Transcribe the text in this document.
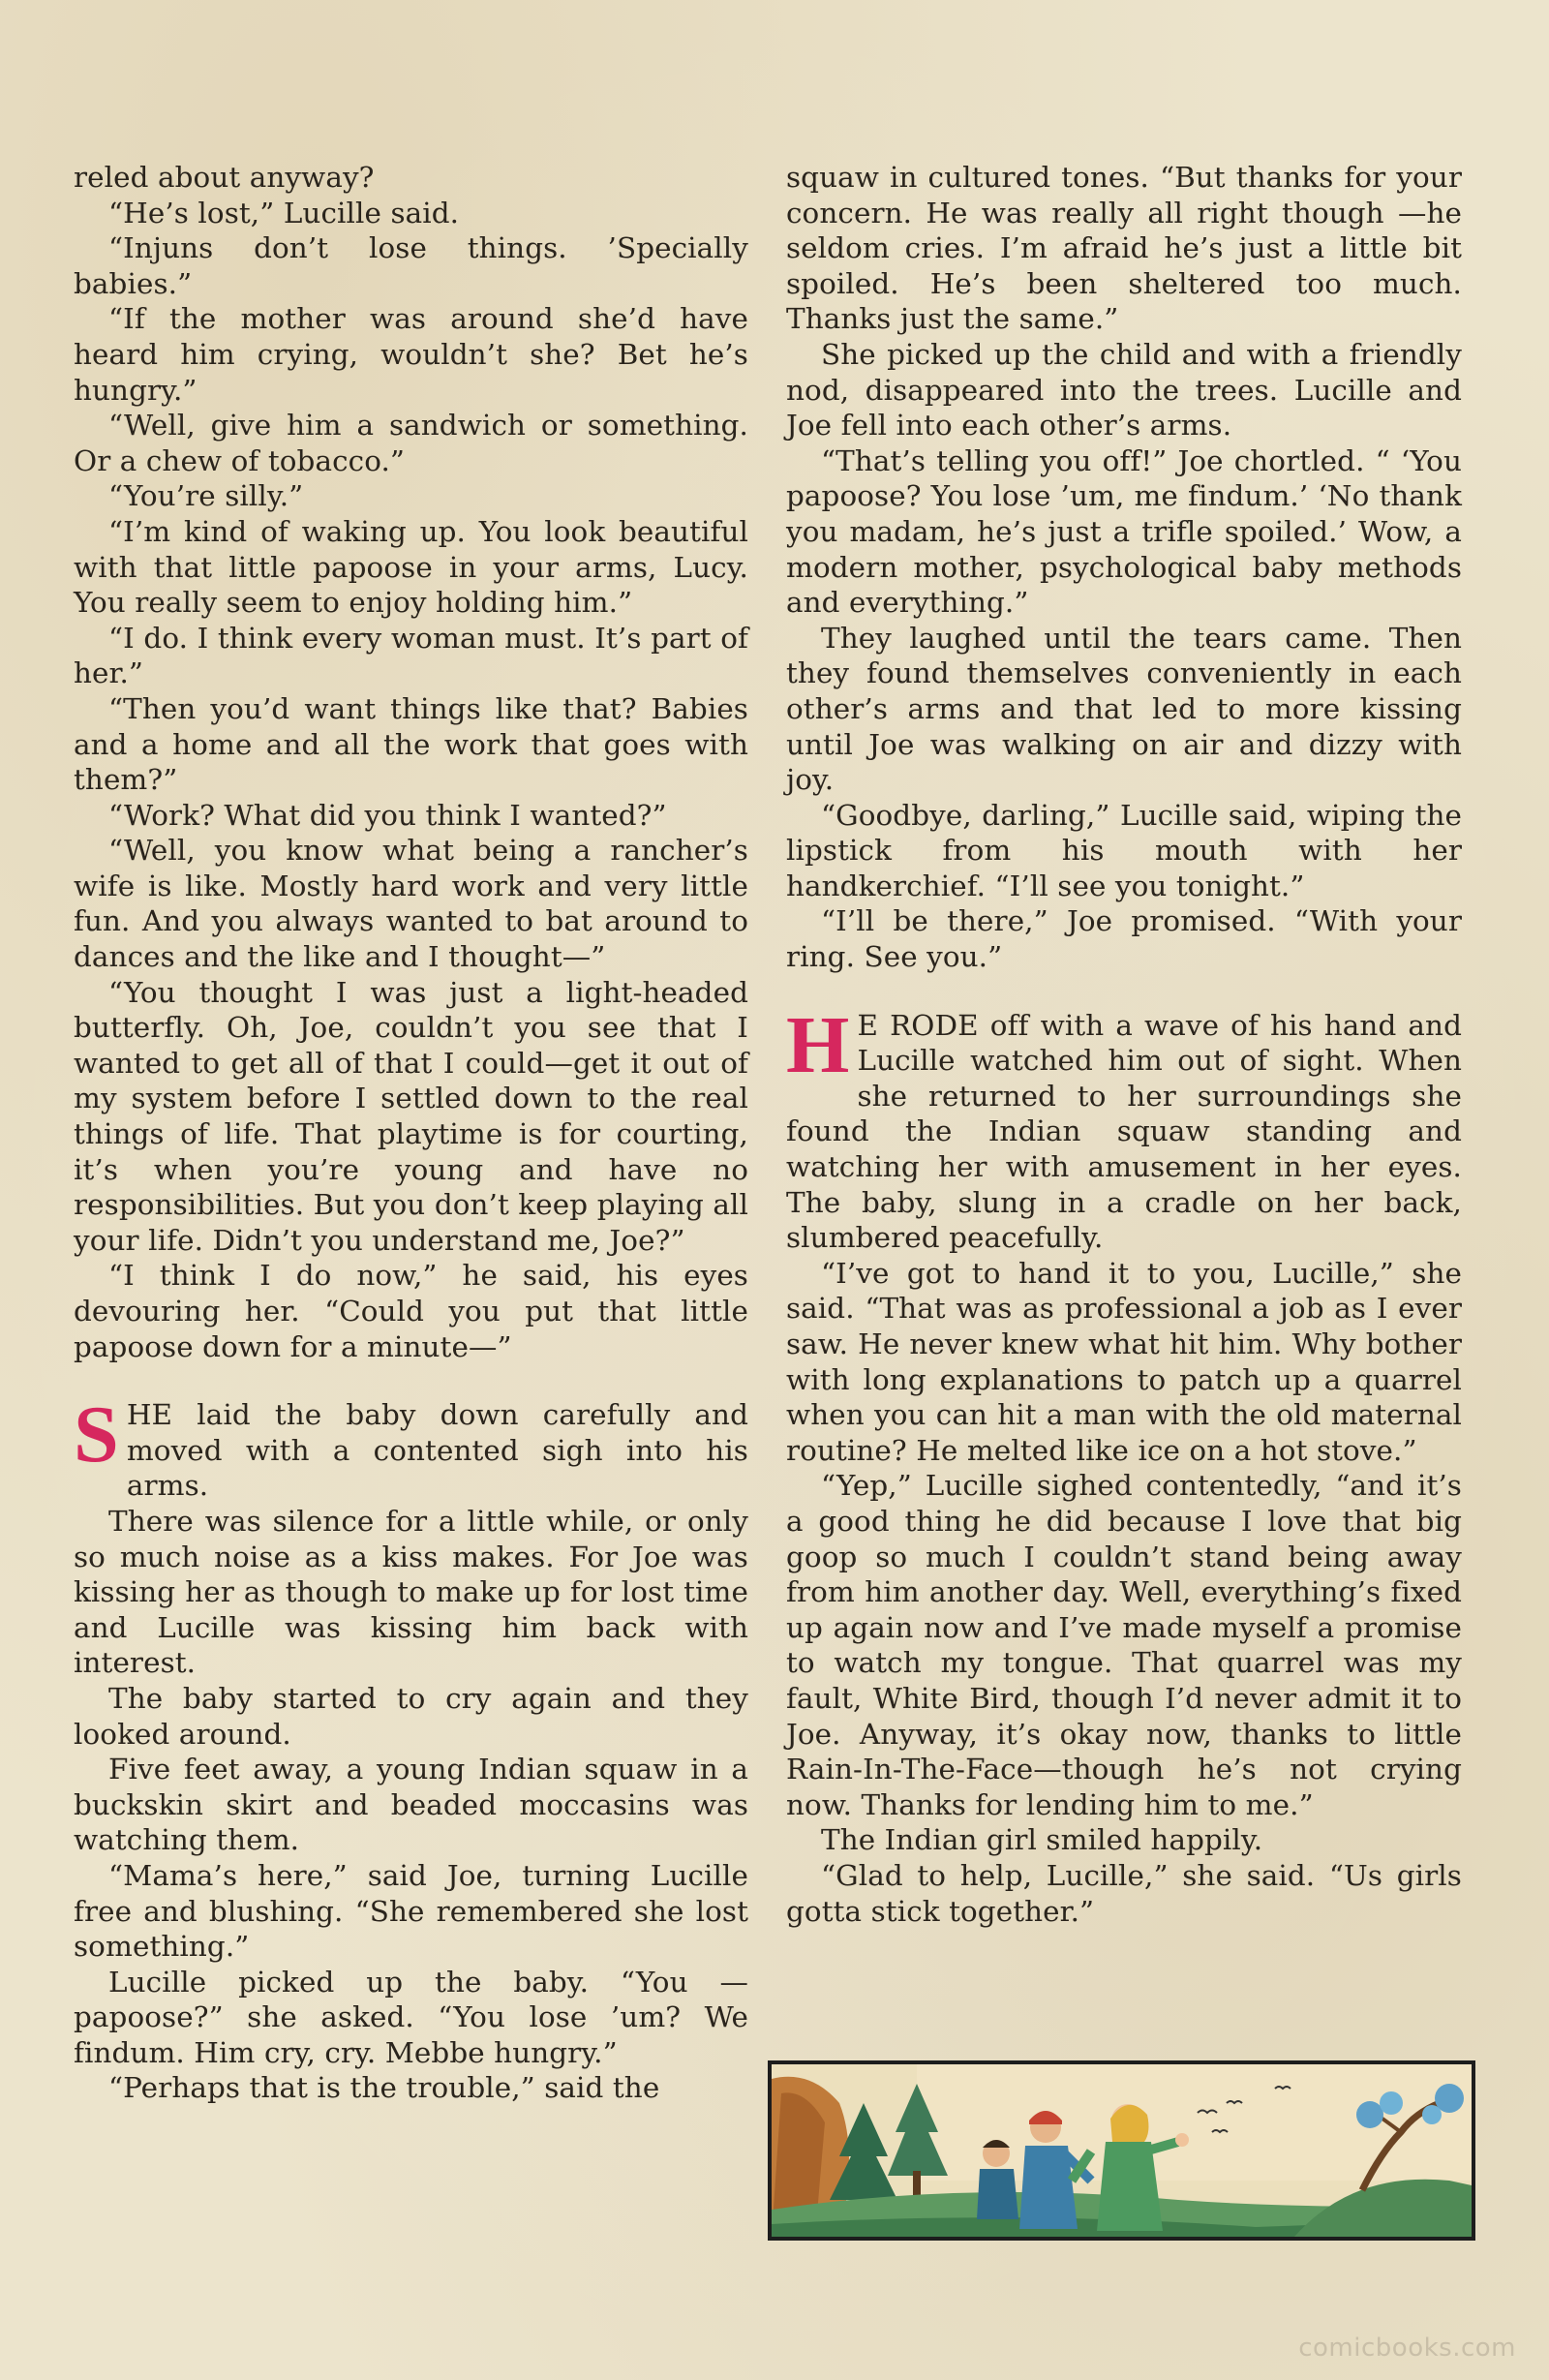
reled about anyway?

“He’s lost,” Lucille said.

“Injuns don’t lose things. ’Specially babies.”

“If the mother was around she’d have heard him crying, wouldn’t she? Bet he’s hungry.”

“Well, give him a sandwich or something. Or a chew of tobacco.”

“You’re silly.”

“I’m kind of waking up. You look beautiful with that little papoose in your arms, Lucy. You really seem to enjoy holding him.”

“I do. I think every woman must. It’s part of her.”

“Then you’d want things like that? Babies and a home and all the work that goes with them?”

“Work? What did you think I wanted?”

“Well, you know what being a rancher’s wife is like. Mostly hard work and very little fun. And you always wanted to bat around to dances and the like and I thought—”

“You thought I was just a light-headed butterfly. Oh, Joe, couldn’t you see that I wanted to get all of that I could—get it out of my system before I settled down to the real things of life. That playtime is for courting, it’s when you’re young and have no responsibilities. But you don’t keep playing all your life. Didn’t you understand me, Joe?”

“I think I do now,” he said, his eyes devouring her. “Could you put that little papoose down for a minute—”

SHE laid the baby down carefully and moved with a contented sigh into his arms.

There was silence for a little while, or only so much noise as a kiss makes. For Joe was kissing her as though to make up for lost time and Lucille was kissing him back with interest.

The baby started to cry again and they looked around.

Five feet away, a young Indian squaw in a buckskin skirt and beaded moccasins was watching them.

“Mama’s here,” said Joe, turning Lucille free and blushing. “She remembered she lost something.”

Lucille picked up the baby. “You — papoose?” she asked. “You lose ’um? We findum. Him cry, cry. Mebbe hungry.”

“Perhaps that is the trouble,” said the

squaw in cultured tones. “But thanks for your concern. He was really all right though —he seldom cries. I’m afraid he’s just a little bit spoiled. He’s been sheltered too much. Thanks just the same.”

She picked up the child and with a friendly nod, disappeared into the trees. Lucille and Joe fell into each other’s arms.

“That’s telling you off!” Joe chortled. “ ‘You papoose? You lose ’um, me findum.’ ‘No thank you madam, he’s just a trifle spoiled.’ Wow, a modern mother, psychological baby methods and everything.”

They laughed until the tears came. Then they found themselves conveniently in each other’s arms and that led to more kissing until Joe was walking on air and dizzy with joy.

“Goodbye, darling,” Lucille said, wiping the lipstick from his mouth with her handkerchief. “I’ll see you tonight.”

“I’ll be there,” Joe promised. “With your ring. See you.”

H E RODE off with a wave of his hand and Lucille watched him out of sight. When she returned to her surroundings she found the Indian squaw standing and watching her with amusement in her eyes. The baby, slung in a cradle on her back, slumbered peacefully.

“I’ve got to hand it to you, Lucille,” she said. “That was as professional a job as I ever saw. He never knew what hit him. Why bother with long explanations to patch up a quarrel when you can hit a man with the old maternal routine? He melted like ice on a hot stove.”

“Yep,” Lucille sighed contentedly, “and it’s a good thing he did because I love that big goop so much I couldn’t stand being away from him another day. Well, everything’s fixed up again now and I’ve made myself a promise to watch my tongue. That quarrel was my fault, White Bird, though I’d never admit it to Joe. Anyway, it’s okay now, thanks to little Rain-In-The-Face—though he’s not crying now. Thanks for lending him to me.”

The Indian girl smiled happily.

“Glad to help, Lucille,” she said. “Us girls gotta stick together.”

comicbooks.com
